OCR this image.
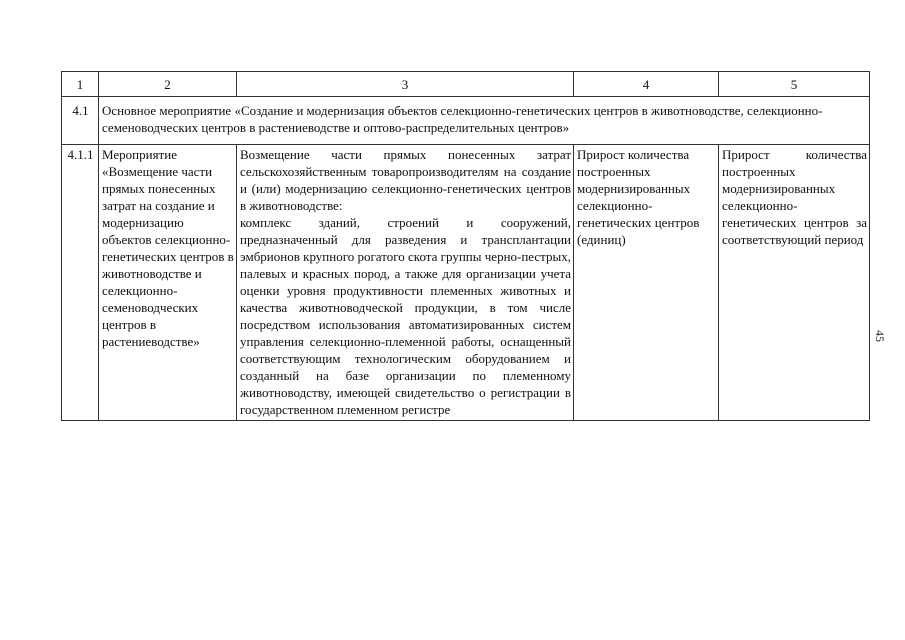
1	2	3	4	5
4.1	Основное мероприятие «Создание и модернизация объектов селекционно-генетических центров в животноводстве, селекционно-семеноводческих центров в растениеводстве и оптово-распределительных центров»			
4.1.1	Мероприятие «Возмещение части прямых понесенных затрат на создание и модернизацию объектов селекционно-генетических центров в животноводстве и селекционно-семеноводческих центров в растениеводстве»	Возмещение части прямых понесенных затрат сельскохозяйственным товаропроизводителям на создание и (или) модернизацию селекционно-генетических центров в животноводстве:
комплекс зданий, строений и сооружений, предназначенный для разведения и трансплантации эмбрионов крупного рогатого скота группы черно-пестрых, палевых и красных пород, а также для организации учета оценки уровня продуктивности племенных животных и качества животноводческой продукции, в том числе посредством использования автоматизированных систем управления селекционно-племенной работы, оснащенный соответствующим технологическим оборудованием и созданный на базе организации по племенному животноводству, имеющей свидетельство о регистрации в государственном племенном регистре	Прирост количества построенных модернизированных селекционно-генетических центров (единиц)	Прирост количества построенных модернизированных селекционно-генетических центров за соответствующий период
45
